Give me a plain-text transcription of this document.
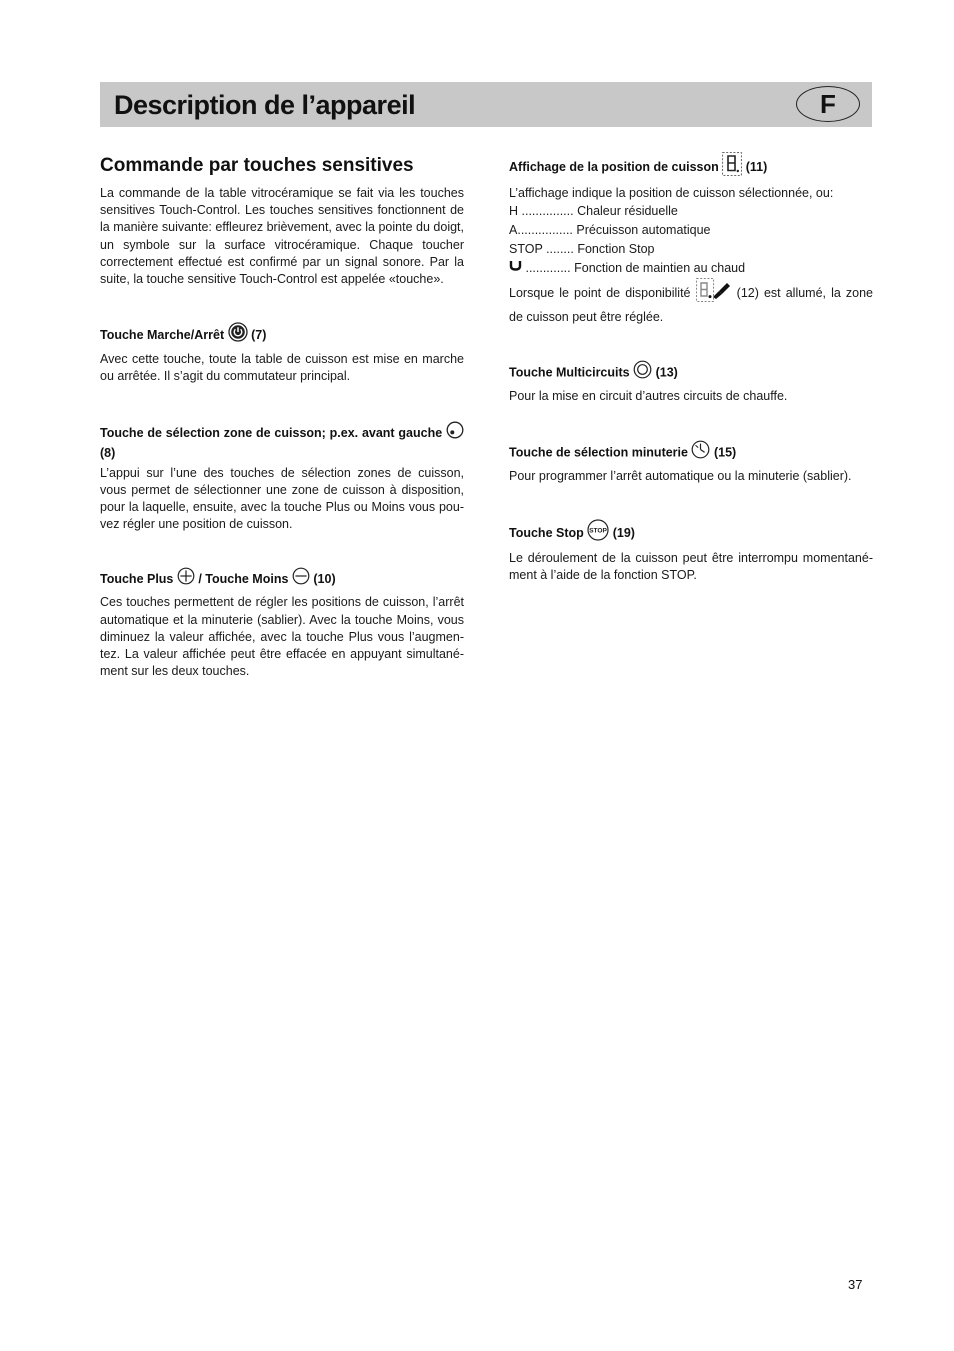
Description de l’appareil	F
Commande par touches sensitives

La commande de la table vitrocéramique se fait via les touches sensitives Touch-Control. Les touches sensitives fonctionnent de la manière suivante: effleurez brièvement, avec la pointe du doigt, un symbole sur la surface vitrocéramique. Chaque toucher correctement effectué est confirmé par un signal sonore. Par la suite, la touche sensitive Touch-Control est appelée «touche».

Touche Marche/Arrêt (7)

Avec cette touche, toute la table de cuisson est mise en marche ou arrêtée. Il s’agit du commutateur principal.

Touche de sélection zone de cuisson; p.ex. avant gauche  (8)

L’appui sur l’une des touches de sélection zones de cuisson, vous permet de sélectionner une zone de cuisson à disposition, pour la laquelle, ensuite, avec la touche Plus ou Moins vous pouvez régler une position de cuisson.

Touche Plus / Touche Moins (10)

Ces touches permettent de régler les positions de cuisson, l’arrêt automatique et la minuterie (sablier). Avec la touche Moins, vous diminuez la valeur affichée, avec la touche Plus vous l’augmentez. La valeur affichée peut être effacée en appuyant simultanément sur les deux touches.

Affichage de la position de cuisson (11)

L’affichage indique la position de cuisson sélectionnée, ou:

H ............... Chaleur résiduelle
A................ Précuisson automatique
STOP ........ Fonction Stop
............. Fonction de maintien au chaud

Lorsque le point de disponibilité	(12) est allumé, la zone de cuisson peut être réglée.

Touche Multicircuits (13)

Pour la mise en circuit d’autres circuits de chauffe.

Touche de sélection minuterie (15)

Pour programmer l’arrêt automatique ou la minuterie (sablier).

Touche Stop STOP (19)

Le déroulement de la cuisson peut être interrompu momentanément à l’aide de la fonction STOP.

37
